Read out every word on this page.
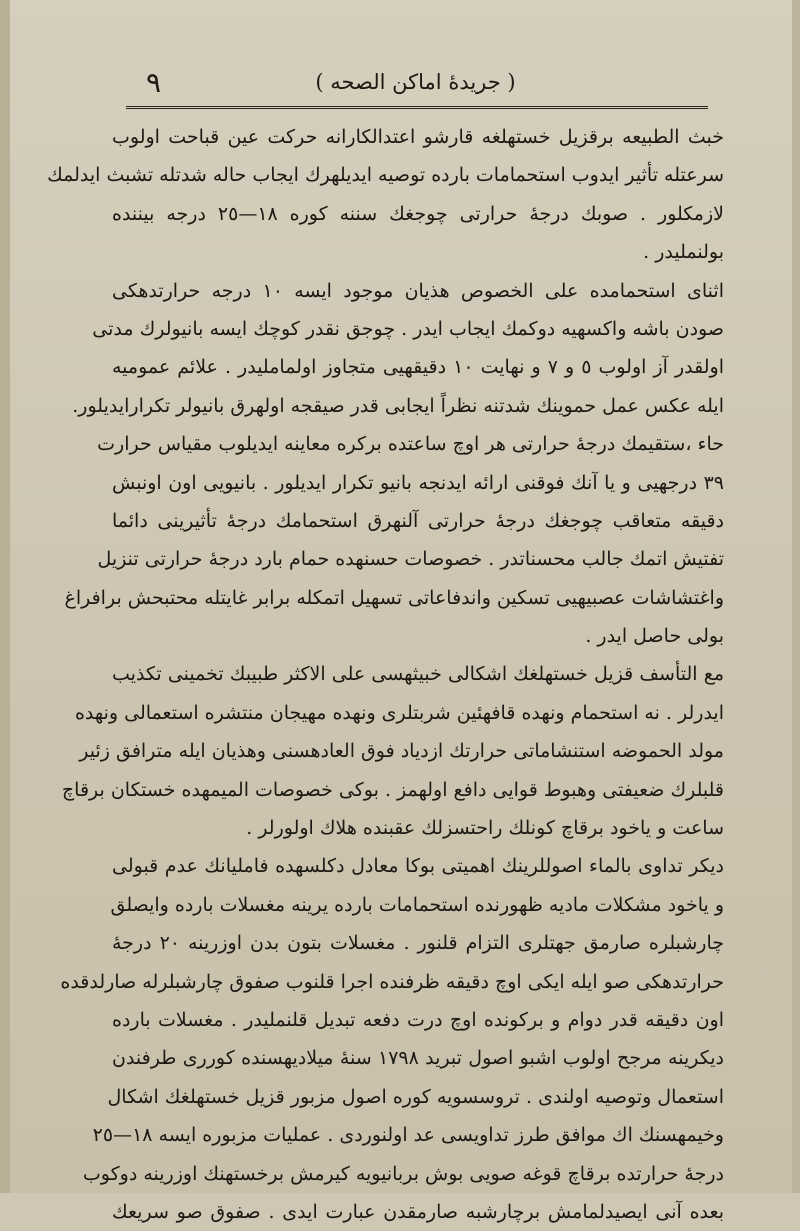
( جريدهٔ اماكن الصحه )
٩
خبث الطبيعه برقزيل خستهلغه قارشو اعتدالكارانه حركت عين قباحت اولوب
سرعتله تأثير ايدوب استحمامات بارده توصيه ايديلهرك ايجاب حاله شدتله تشبث ايدلمك
لازمكلور . صوبك درجهٔ حرارتى چوجغك سننه كوره ١٨—٢٥ درجه بيننده
بولنمليدر .
اثناى استحمامده على الخصوص هذيان موجود ايسه ١٠ درجه حرارتدهكى
صودن باشه واكسهيه دوكمك ايجاب ايدر . چوجق نقدر كوچك ايسه بانيولرك مدتى
اولقدر آز اولوب ٥ و ٧ و نهايت ١٠ دقيقهيى متجاوز اولمامليدر . علائم عموميه
ايله عكس عمل حموينك شدتنه نظراً ايجابى قدر صيقجه اولهرق بانيولر تكرارايديلور.
حاء ،ستقيمك درجهٔ حرارتى هر اوچ ساعتده بركره معاينه ايديلوب مقياس حرارت
٣٩ درجهيى و يا آنك فوقنى ارائه ايدنجه بانيو تكرار ايديلور . بانيويى اون اونبش
دقيقه متعاقب چوجغك درجهٔ حرارتى آلنهرق استحمامك درجهٔ تأثيرينى دائما
تفتيش اتمك جالب محسناتدر . خصوصات حسنهده حمام بارد درجهٔ حرارتى تنزيل
واغتشاشات عصبيهيى تسكين واندفاعاتى تسهيل اتمكله برابر غايتله محتبحش برافراغ
بولى حاصل ايدر .
مع التأسف قزيل خستهلغك اشكالى خبيثهسى على الاكثر طبيبك تخمينى تكذيب
ايدرلر . نه استحمام ونهده قافهئين شربتلرى ونهده مهيجان منتشره استعمالى ونهده
مولد الحموضه استنشاماتى حرارتك ازدياد فوق العادهسنى وهذيان ايله مترافق زئير
قلبلرك ضعيفتى وهبوط قوايى دافع اولهمز . بوكى خصوصات الميمهده خستكان برقاچ
ساعت و ياخود برقاچ كونلك راحتسزلك عقبنده هلاك اولورلر .
ديكر تداوى بالماء اصوللرينك اهميتى بوكا معادل دكلسهده فامليانك عدم قبولى
و ياخود مشكلات ماديه ظهورنده استحمامات بارده يرينه مغسلات بارده وايصلق
چارشبلره صارمق جهتلرى التزام قلنور . مغسلات بتون بدن اوزرينه ٢٠ درجهٔ
حرارتدهكى صو ايله ايكى اوچ دقيقه ظرفنده اجرا قلنوب صفوق چارشبلرله صارلدقده
اون دقيقه قدر دوام و بركونده اوچ درت دفعه تبديل قلنمليدر . مغسلات بارده
ديكرينه مرجح اولوب اشبو اصول تبريد ١٧٩٨ سنهٔ ميلاديهسنده كوررى طرفندن
استعمال وتوصيه اولندى . تروسسويه كوره اصول مزبور قزيل خستهلغك اشكال
وخيمهسنك اك موافق طرز تداويسى عد اولنوردى . عمليات مزبوره ايسه ١٨—٢٥
درجهٔ حرارتده برقاچ قوغه صويى بوش بربانيويه كيرمش برخستهنك اوزرينه دوكوب
بعده آنى ايصيدلمامش برچارشبه صارمقدن عبارت ايدى . صفوق صو سريعك
